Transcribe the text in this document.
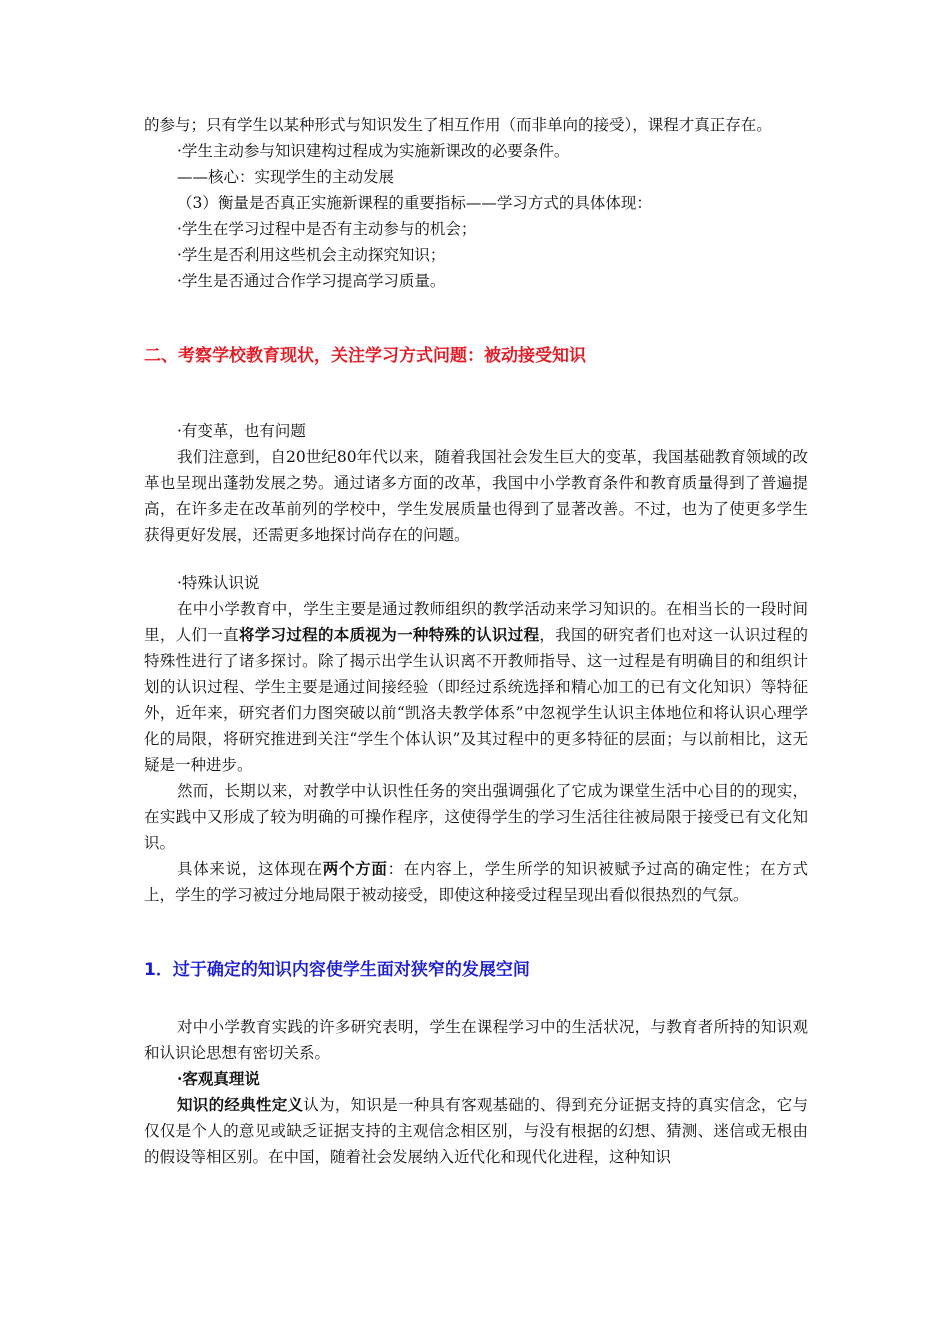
的参与；只有学生以某种形式与知识发生了相互作用（而非单向的接受），课程才真正存在。

·学生主动参与知识建构过程成为实施新课改的必要条件。

——核心：实现学生的主动发展

（3）衡量是否真正实施新课程的重要指标——学习方式的具体体现：

·学生在学习过程中是否有主动参与的机会；

·学生是否利用这些机会主动探究知识；

·学生是否通过合作学习提高学习质量。

二、考察学校教育现状，关注学习方式问题：被动接受知识

·有变革，也有问题

我们注意到，自20世纪80年代以来，随着我国社会发生巨大的变革，我国基础教育领域的改革也呈现出蓬勃发展之势。通过诸多方面的改革，我国中小学教育条件和教育质量得到了普遍提高，在许多走在改革前列的学校中，学生发展质量也得到了显著改善。不过，也为了使更多学生获得更好发展，还需更多地探讨尚存在的问题。

·特殊认识说

在中小学教育中，学生主要是通过教师组织的教学活动来学习知识的。在相当长的一段时间里，人们一直将学习过程的本质视为一种特殊的认识过程，我国的研究者们也对这一认识过程的特殊性进行了诸多探讨。除了揭示出学生认识离不开教师指导、这一过程是有明确目的和组织计划的认识过程、学生主要是通过间接经验（即经过系统选择和精心加工的已有文化知识）等特征外，近年来，研究者们力图突破以前“凯洛夫教学体系”中忽视学生认识主体地位和将认识心理学化的局限，将研究推进到关注“学生个体认识”及其过程中的更多特征的层面；与以前相比，这无疑是一种进步。

然而，长期以来，对教学中认识性任务的突出强调强化了它成为课堂生活中心目的的现实，在实践中又形成了较为明确的可操作程序，这使得学生的学习生活往往被局限于接受已有文化知识。

具体来说，这体现在两个方面：在内容上，学生所学的知识被赋予过高的确定性；在方式上，学生的学习被过分地局限于被动接受，即使这种接受过程呈现出看似很热烈的气氛。

1．过于确定的知识内容使学生面对狭窄的发展空间

对中小学教育实践的许多研究表明，学生在课程学习中的生活状况，与教育者所持的知识观和认识论思想有密切关系。

·客观真理说

知识的经典性定义认为，知识是一种具有客观基础的、得到充分证据支持的真实信念，它与仅仅是个人的意见或缺乏证据支持的主观信念相区别，与没有根据的幻想、猜测、迷信或无根由的假设等相区别。在中国，随着社会发展纳入近代化和现代化进程，这种知识
